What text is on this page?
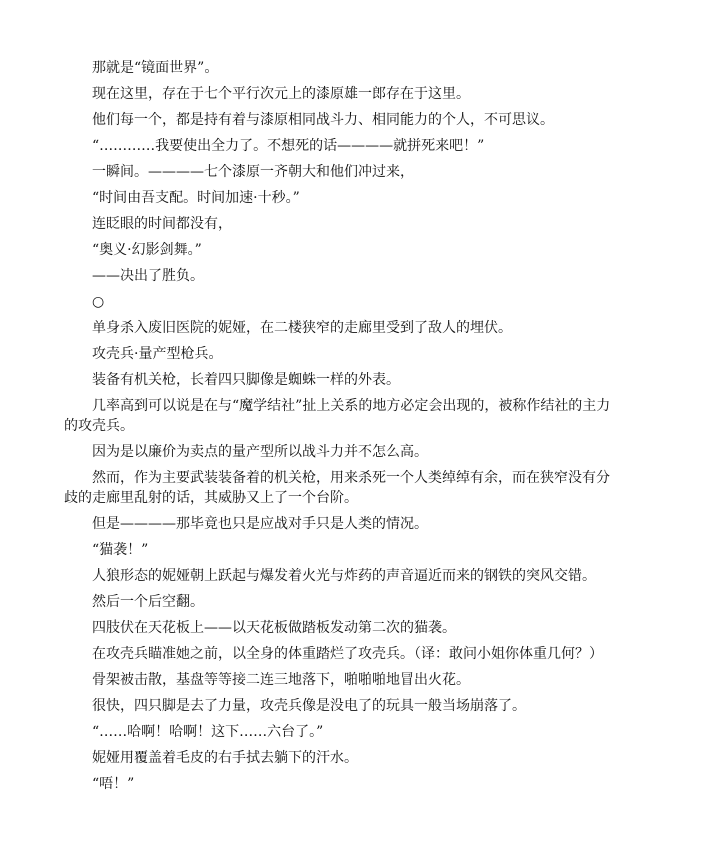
那就是“镜面世界”。

现在这里，存在于七个平行次元上的漆原雄一郎存在于这里。

他们每一个，都是持有着与漆原相同战斗力、相同能力的个人，不可思议。

“…………我要使出全力了。不想死的话————就拼死来吧！”

一瞬间。————七个漆原一齐朝大和他们冲过来，

“时间由吾支配。时间加速·十秒。”

连眨眼的时间都没有，

“奥义·幻影剑舞。”

——决出了胜负。

○

单身杀入废旧医院的妮娅，在二楼狭窄的走廊里受到了敌人的埋伏。

攻壳兵·量产型枪兵。

装备有机关枪，长着四只脚像是蜘蛛一样的外表。

几率高到可以说是在与“魔学结社”扯上关系的地方必定会出现的，被称作结社的主力的攻壳兵。

因为是以廉价为卖点的量产型所以战斗力并不怎么高。

然而，作为主要武装装备着的机关枪，用来杀死一个人类绰绰有余，而在狭窄没有分歧的走廊里乱射的话，其威胁又上了一个台阶。

但是————那毕竟也只是应战对手只是人类的情况。

“猫袭！”

人狼形态的妮娅朝上跃起与爆发着火光与炸药的声音逼近而来的钢铁的突风交错。

然后一个后空翻。

四肢伏在天花板上——以天花板做踏板发动第二次的猫袭。

在攻壳兵瞄准她之前，以全身的体重踏烂了攻壳兵。（译：敢问小姐你体重几何？）

骨架被击散，基盘等等接二连三地落下，啪啪啪地冒出火花。

很快，四只脚是去了力量，攻壳兵像是没电了的玩具一般当场崩落了。

“……哈啊！哈啊！这下……六台了。”

妮娅用覆盖着毛皮的右手拭去躺下的汗水。

“唔！”
